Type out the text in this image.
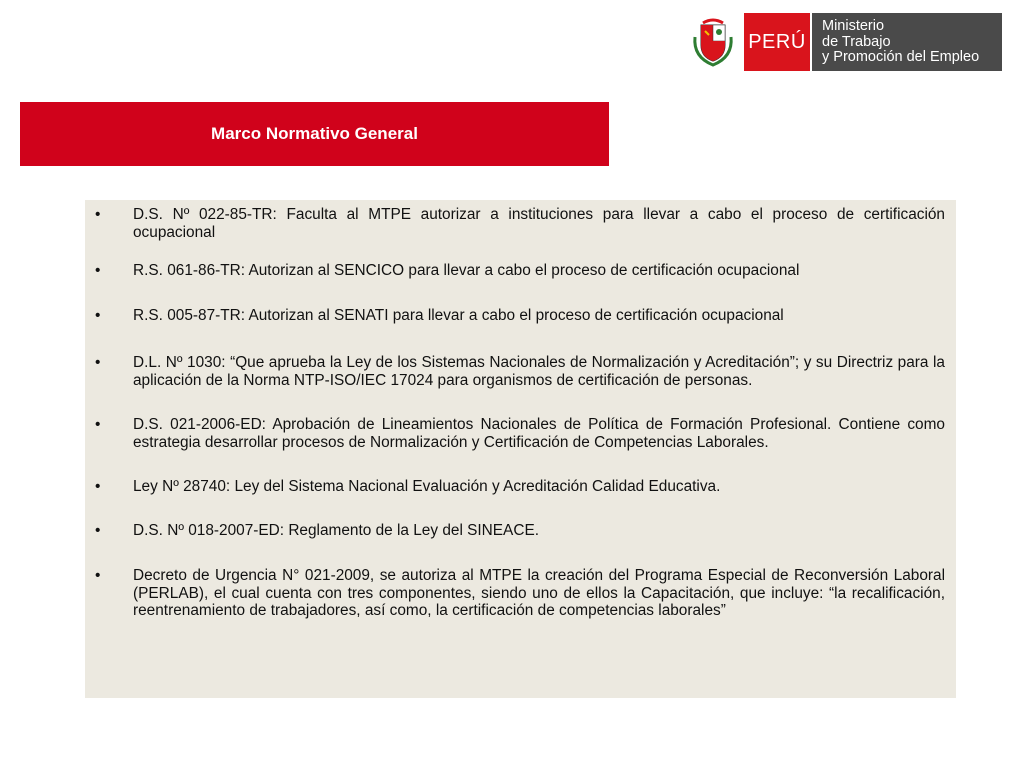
PERÚ
Ministerio
de Trabajo
y Promoción del Empleo
Marco Normativo General
• D.S. Nº 022-85-TR: Faculta al MTPE autorizar a instituciones para llevar a cabo el proceso de certificación ocupacional
• R.S. 061-86-TR: Autorizan al SENCICO para llevar a cabo el proceso de certificación ocupacional
• R.S. 005-87-TR: Autorizan al SENATI para llevar a cabo el proceso de certificación ocupacional
• D.L. Nº 1030: “Que aprueba la Ley de los Sistemas Nacionales de Normalización y Acreditación”; y su Directriz para la aplicación de la Norma NTP-ISO/IEC 17024 para organismos de certificación de personas.
• D.S. 021-2006-ED: Aprobación de Lineamientos Nacionales de Política de Formación Profesional. Contiene como estrategia desarrollar procesos de Normalización y Certificación de Competencias Laborales.
• Ley Nº 28740: Ley del Sistema Nacional Evaluación y Acreditación Calidad Educativa.
• D.S. Nº 018-2007-ED: Reglamento de la Ley del SINEACE.
• Decreto de Urgencia N° 021-2009, se autoriza al MTPE la creación del Programa Especial de Reconversión Laboral (PERLAB), el cual cuenta con tres componentes, siendo uno de ellos la Capacitación, que incluye: “la recalificación, reentrenamiento de trabajadores, así como, la certificación de competencias laborales”
